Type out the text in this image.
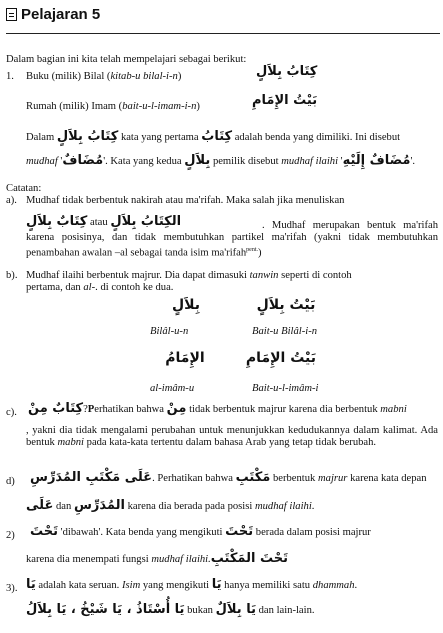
Pelajaran 5
Dalam bagian ini kita telah mempelajari sebagai berikut:
1. Buku (milik) Bilal (kitab-u bilal-i-n)	كِتَابُ بِلاَلٍ
Rumah (milik) Imam (bait-u-l-imam-i-n)	بَيْتُ الإِمَامِ
Dalam كِتَابُ بِلاَلٍ kata yang pertama كِتَابُ adalah benda yang dimiliki. Ini disebut
mudhaf 'مُضَافٌ'. Kata yang kedua بِلاَلٍ pemilik disebut mudhaf ilaihi 'مُضَافٌ إِلَيْهِ'.
Catatan:
a). Mudhaf tidak berbentuk nakirah atau ma'rifah. Maka salah jika menuliskan
كِتَابٌ بِلاَلٍ atau الكِتَابُ بِلاَلٍ	. Mudhaf merupakan bentuk ma'rifah karena posisinya, dan tidak membutuhkan partikel ma'rifah (yakni tidak membutuhkan penambahan awalan –al sebagai tanda isim ma'rifah$^{pent.}$)
b). Mudhaf ilaihi berbentuk majrur. Dia dapat dimasuki tanwin seperti di contoh
pertama, dan al-. di contoh ke dua.
بِلاَلٍ
Bilâl-u-n
بَيْتُ بِلاَلٍ
Bait-u Bilâl-i-n
الإِمَامُ
al-imâm-u
بَيْتُ الإِمَامِ
Bait-u-l-imâm-i
c). كِتَابٌ مِنْ?Perhatikan bahwa مِنْ tidak berbentuk majrur karena dia berbentuk mabni
, yakni dia tidak mengalami perubahan untuk menunjukkan kedudukannya dalam kalimat. Ada bentuk mabni pada kata-kata tertentu dalam bahasa Arab yang tetap tidak berubah.
d) عَلَى مَكْتَبِ المُدَرِّسِ. Perhatikan bahwa مَكْتَبِ berbentuk majrur karena kata depan
عَلَى dan المُدَرِّسِ karena dia berada pada posisi mudhaf ilaihi.
2) تَحْتَ 'dibawah'. Kata benda yang mengikuti تَحْتَ berada dalam posisi majrur
karena dia menempati fungsi mudhaf ilaihi.تَحْتَ المَكْتَبِ
3). يَا adalah kata seruan. Isim yang mengikuti يَا hanya memiliki satu dhammah.
يَا أُسْتَاذُ ، يَا شَيْخُ ، يَا بِلاَلُ bukan يَا بِلاَلٌ dan lain-lain.
